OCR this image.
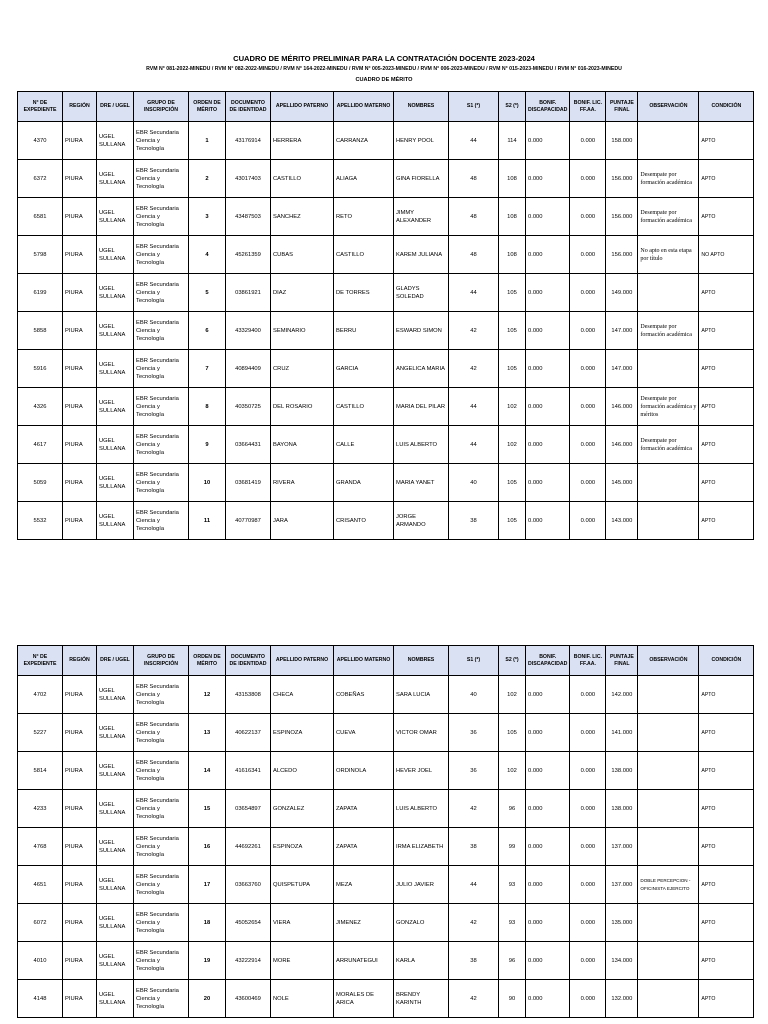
CUADRO DE MÉRITO PRELIMINAR PARA LA CONTRATACIÓN DOCENTE 2023-2024
RVM N° 081-2022-MINEDU / RVM N° 082-2022-MINEDU / RVM N° 164-2022-MINEDU / RVM N° 005-2023-MINEDU / RVM N° 006-2023-MINEDU / RVM N° 015-2023-MINEDU / RVM N° 016-2023-MINEDU
CUADRO DE MÉRITO
N° DE EXPEDIENTE	REGIÓN	DRE / UGEL	GRUPO DE INSCRIPCIÓN	ORDEN DE MÉRITO	DOCUMENTO DE IDENTIDAD	APELLIDO PATERNO	APELLIDO MATERNO	NOMBRES	S1 (*)	S2 (*)	BONIF. DISCAPACIDAD	BONIF. LIC. FF.AA.	PUNTAJE FINAL	OBSERVACIÓN	CONDICIÓN
4370	PIURA	UGEL SULLANA	EBR Secundaria Ciencia y Tecnología	1	43176914	HERRERA	CARRANZA	HENRY POOL	44	114	0.000	0.000	158.000		APTO
6372	PIURA	UGEL SULLANA	EBR Secundaria Ciencia y Tecnología	2	43017403	CASTILLO	ALIAGA	GINA FIORELLA	48	108	0.000	0.000	156.000	Desempate por formación académica	APTO
6581	PIURA	UGEL SULLANA	EBR Secundaria Ciencia y Tecnología	3	43487503	SANCHEZ	RETO	JIMMY ALEXANDER	48	108	0.000	0.000	156.000	Desempate por formación académica	APTO
5798	PIURA	UGEL SULLANA	EBR Secundaria Ciencia y Tecnología	4	45261359	CUBAS	CASTILLO	KAREM JULIANA	48	108	0.000	0.000	156.000	No apto en esta etapa por título	NO APTO
6199	PIURA	UGEL SULLANA	EBR Secundaria Ciencia y Tecnología	5	03861921	DIAZ	DE TORRES	GLADYS SOLEDAD	44	105	0.000	0.000	149.000		APTO
5858	PIURA	UGEL SULLANA	EBR Secundaria Ciencia y Tecnología	6	43329400	SEMINARIO	BERRU	ESWARD SIMON	42	105	0.000	0.000	147.000	Desempate por formación académica	APTO
5916	PIURA	UGEL SULLANA	EBR Secundaria Ciencia y Tecnología	7	40894409	CRUZ	GARCIA	ANGELICA MARIA	42	105	0.000	0.000	147.000		APTO
4326	PIURA	UGEL SULLANA	EBR Secundaria Ciencia y Tecnología	8	40350725	DEL ROSARIO	CASTILLO	MARIA DEL PILAR	44	102	0.000	0.000	146.000	Desempate por formación académica y méritos	APTO
4617	PIURA	UGEL SULLANA	EBR Secundaria Ciencia y Tecnología	9	03664431	BAYONA	CALLE	LUIS ALBERTO	44	102	0.000	0.000	146.000	Desempate por formación académica	APTO
5059	PIURA	UGEL SULLANA	EBR Secundaria Ciencia y Tecnología	10	03681419	RIVERA	GRANDA	MARIA YANET	40	105	0.000	0.000	145.000		APTO
5532	PIURA	UGEL SULLANA	EBR Secundaria Ciencia y Tecnología	11	40770987	JARA	CRISANTO	JORGE ARMANDO	38	105	0.000	0.000	143.000		APTO
N° DE EXPEDIENTE	REGIÓN	DRE / UGEL	GRUPO DE INSCRIPCIÓN	ORDEN DE MÉRITO	DOCUMENTO DE IDENTIDAD	APELLIDO PATERNO	APELLIDO MATERNO	NOMBRES	S1 (*)	S2 (*)	BONIF. DISCAPACIDAD	BONIF. LIC. FF.AA.	PUNTAJE FINAL	OBSERVACIÓN	CONDICIÓN
4702	PIURA	UGEL SULLANA	EBR Secundaria Ciencia y Tecnología	12	43153808	CHECA	COBEÑAS	SARA LUCIA	40	102	0.000	0.000	142.000		APTO
5227	PIURA	UGEL SULLANA	EBR Secundaria Ciencia y Tecnología	13	40622137	ESPINOZA	CUEVA	VICTOR OMAR	36	105	0.000	0.000	141.000		APTO
5814	PIURA	UGEL SULLANA	EBR Secundaria Ciencia y Tecnología	14	41616341	ALCEDO	ORDINOLA	HEVER JOEL	36	102	0.000	0.000	138.000		APTO
4233	PIURA	UGEL SULLANA	EBR Secundaria Ciencia y Tecnología	15	03654897	GONZALEZ	ZAPATA	LUIS ALBERTO	42	96	0.000	0.000	138.000		APTO
4768	PIURA	UGEL SULLANA	EBR Secundaria Ciencia y Tecnología	16	44692261	ESPINOZA	ZAPATA	IRMA ELIZABETH	38	99	0.000	0.000	137.000		APTO
4651	PIURA	UGEL SULLANA	EBR Secundaria Ciencia y Tecnología	17	03663760	QUISPETUPA	MEZA	JULIO JAVIER	44	93	0.000	0.000	137.000	DOBLE PERCEPCION - OFICINISTA EJERCITO	APTO
6072	PIURA	UGEL SULLANA	EBR Secundaria Ciencia y Tecnología	18	45052654	VIERA	JIMENEZ	GONZALO	42	93	0.000	0.000	135.000		APTO
4010	PIURA	UGEL SULLANA	EBR Secundaria Ciencia y Tecnología	19	43222914	MORE	ARRUNATEGUI	KARLA	38	96	0.000	0.000	134.000		APTO
4148	PIURA	UGEL SULLANA	EBR Secundaria Ciencia y Tecnología	20	43600469	NOLE	MORALES DE ARICA	BRENDY KARINTH	42	90	0.000	0.000	132.000		APTO
